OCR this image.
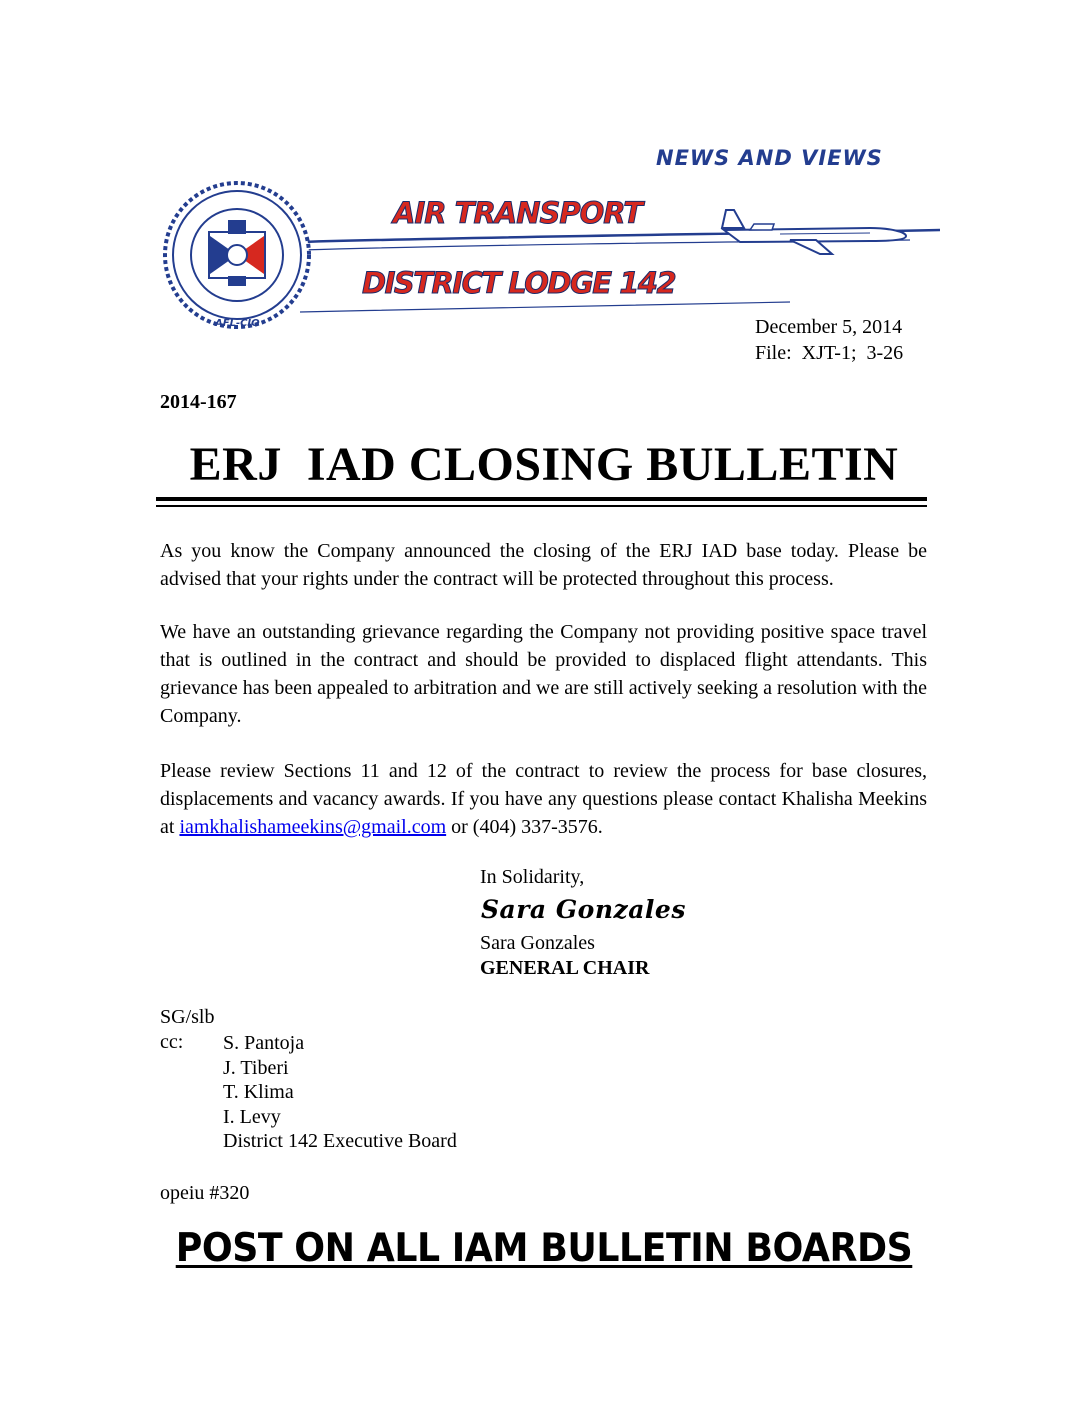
NEWS AND VIEWS
AFL-CIO
AIR TRANSPORT
DISTRICT LODGE 142
December 5, 2014
File:  XJT-1;  3-26
2014-167
ERJ  IAD CLOSING BULLETIN
As you know the Company announced the closing of the ERJ IAD base today. Please be advised that your rights under the contract will be protected throughout this process.
We have an outstanding grievance regarding the Company not providing positive space travel that is outlined in the contract and should be provided to displaced flight attendants. This grievance has been appealed to arbitration and we are still actively seeking a resolution with the Company.
Please review Sections 11 and 12 of the contract to review the process for base closures, displacements and vacancy awards. If you have any questions please contact Khalisha Meekins at iamkhalishameekins@gmail.com or (404) 337-3576.
In Solidarity,
Sara Gonzales
Sara Gonzales
GENERAL CHAIR
SG/slb
cc: S. Pantoja
J. Tiberi
T. Klima
I. Levy
District 142 Executive Board
opeiu #320
POST ON ALL IAM BULLETIN BOARDS
